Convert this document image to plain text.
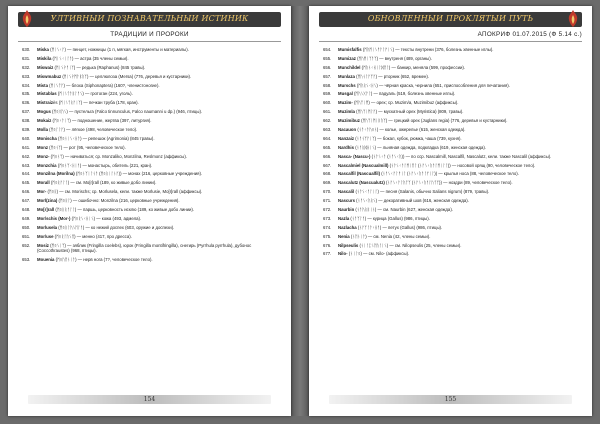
УЛТИВНЫЙ ПОЗНАВАТЕЛЬНЫЙ ИСТИНИК
ТРАДИЦИИ И ПРОРОКИ
630.	Miska (ᛗᛁᛊᚲᚨ) — пенцет, ножницы (1 п, мягкая, инструменты и материалы).
631.	Miskila (ᛗᛁᛊᚲᛁᛚᚨ) — астра (35 члены семьи).
632.	Miswaiz (ᛗᛁᛊᚹᚨᛁᛉ) — редька (Raphanus) (845 травы).
633.	Miswmabuz (ᛗᛁᛊᚹᛗᚨᛒᚢᛉ) — целлюлоза (Mersa) (776, деревья и кустарники).
634.	Mista (ᛗᛁᛊᛏᚨ) — блоха (Siphonaptera) (160?, членистоногие).
635.	Mistablas (ᛗᛁᛊᛏᚨᛒᛚᚨᛊ) — гротоган (224, уголь).
636.	Mistraizès (ᛗᛁᛊᛏᚱᚨᛁᛉ) — печкан труба (178, кран).
637.	Mogus (ᛗᛟᚷᚢᛊ) — пустельга (Falco tinnunculus, Falco naumanni u dp.) (946, птицы).
638.	Mokaiz (ᛗᛟᚲᚨᛁᛉ) — подношение, жертва (397, литургия).
639.	Molla (ᛗᛟᛚᛚᚨ) — лёгкое (498, человеческое тело).
640.	Monischa (ᛗᛟᚾᛁᛊᚲᚺᚨ) — репешок (Agrimonia) (845 травы).
641.	Monz (ᛗᛟᚾᛉ) — рот (95, человеческое тело).
642.	Monz- (ᛗᛟᚾᛉ) — начиваться; ср. Monzaliko, Monzilna, Reslmonz (аффиксы).
643.	Monzchia (ᛗᛟᚾᛉᚲᚺᛁᚨ) — монастырь, обитель (221, кран).
644.	Monzilna (Morilna) (ᛗᛟᚾᛉᛁᛚᚾᚨ (ᛗᛟᚱᛁᛚᚾᚨ)) — монах (216, церковные учреждения).
645.	Morall (ᛗᛟᚱᚨᛚᛚ) — см. Mo[r]rall (189, ко живые добо линии).
646.	Mor- (ᛗᛟᚱ) — см. Morischs; ср. Morlusela, кели. также Morlusie, Mo[r]rall (аффиксы).
647.	Morl(zina) (ᛗᛟᚱᛚ) — ошибочно: Monzilna (216, церковные учреждения).
648.	Mo[r]rall (ᛗᛟᚱᚱᚨᛚᛚ) — паршь, церковность исклю (189, ко живые добо линии).
649.	Mor/schis (Mor-) (ᛗᛟᚱᛊᚲᚺᛁᛊ) — кожа (493, адмела).
650.	Morlusela (ᛗᛟᚱᛚᚢᛊᛖᛚᚨ) — ко нежий доспех (603, оружие и доспехи).
651.	Mor/use (ᛗᛟᚱᛚᚢᛊᛖ) — менно (417, про дресса).
652.	Mosiz (ᛗᛟᛊᛁᛉ) — зяблик (Fringilla coelebs), юрок (Fringilla montifringilla), снегирь (Pyrrhula pyrrhula), дубонос (Coccothraustes) (968, птицы).
653.	Mouenia (ᛗᛟᚢᛖᚾᛁᚨ) — нерв нога (7?, человеческое тело).
154
ОБНОВЛЕННЫЙ ПРОКЛЯТЫЙ ПУТЬ
АПОКРИФ 01.07.2015 (Ф 5.14 с.)
654.	Mumisfalfis (ᛗᚢᛗᛁᛊᚠᚨᛚᚠᛁᛊ) — тексты внутрени (376, болезнь хвенные иглы).
655.	Mumizaz (ᛗᚢᛗᛁᛉᚨᛉ) — внутреня (489, органы).
656.	Munchildel (ᛗᚢᚾᚲᚺᛁᛚᛞᛖᛚ) — банкир, меняла (599, профессии).
657.	Munlaza (ᛗᚢᚾᛚᚨᛉᚨ) — рторник (652, времен).
658.	Murschs (ᛗᚢᚱᛊᚲᚺᛊ) — чёрная краска, чернила (651, приспособления для печатания).
659.	Musgal (ᛗᚢᛊᚷᚨᛚ) — падуаль (519, болезнь хвенные иглы).
660.	Muzim- (ᛗᚢᛉᛁᛗ) — орех; ср. Muzim/a, Muzimibuz (аффиксы).
661.	Muzimla (ᛗᚢᛉᛁᛗᛚᚨ) — мускатный орех (Myristica) (809, травы).
662.	Muzimibuz (ᛗᚢᛉᛁᛗᛁᛒᚢᛉ) — грецкий орех (Juglans regia) (776, деревья и кустарники).
663.	Nacauon (ᚾᚨᚲᚨᚢᛟᚾ) — колье, ожерелье (615, женская одежда).
664.	Nanzaiz (ᚾᚨᚾᛉᚨᛁᛉ) — бокал, кубок, рюмка, чаша (739, кухня).
665.	Nardhis (ᚾᚨᚱᛞᚺᛁᛊ) — льняная одежда, подкладка (619, женская одежда).
666.	Nasca- (Nascu-) (ᚾᚨᛊᚲᚨ (ᚾᚨᛊᚲᚢ)) — по сср. Nascalmill, Nascalfil, Nascalutz, кели. также Nascalil (аффиксы).
667.	Nascalmiel (Nascualmill) (ᚾᚨᛊᚲᚨᛚᛗᛁᛖᛚ (ᚾᚨᛊᚲᚢᚨᛚᛗᛁᛚᛚ)) — носовой хрящ (90, человеческое тело).
668.	Nascalfil (Nascualfil) (ᚾᚨᛊᚲᚨᛚᚠᛁᛚ (ᚾᚨᛊᚲᚢᚨᛚᚠᛁᛚ)) — крылья носа (88, человеческое тело).
669.	Nascalutz (Nascualutz) (ᚾᚨᛊᚲᚨᛚᚢᛏᛉ (ᚾᚨᛊᚲᚢᚨᛚᚢᛏᛉ)) — ноздри (89, человеческое тело).
670.	Nascalil (ᚾᚨᛊᚲᚨᛚᛁᛚ) — песня (Salanis, обычно Salians nigrum) (879, травы).
671.	Nascurs (ᚾᚨᛊᚲᚢᚱᛊ) — декоративный шов (616, женская одежда).
672.	Naurbin (ᚾᚨᚢᚱᛒᛁᚾ) — см. Naurbin (627, женская одежда).
673.	Nazla (ᚾᚨᛉᛚᚨ) — курица (Gallus) (986, птицы).
674.	Nazlacha (ᚾᚨᛉᛚᚨᚲᚺᚨ) — петух (Gallus) (986, птицы).
675.	Nenia (ᚾᛖᚾᛁᚨ) — см. Nenia (42, члены семьи).
676.	Nilpseulis (ᚾᛁᛚᛈᛊᛖᚢᛚᛁᛊ) — см. Nilopseulis (25, члены семьи).
677.	Nilo- (ᚾᛁᛚᛟ) — см. Nilo- (аффиксы).
155
